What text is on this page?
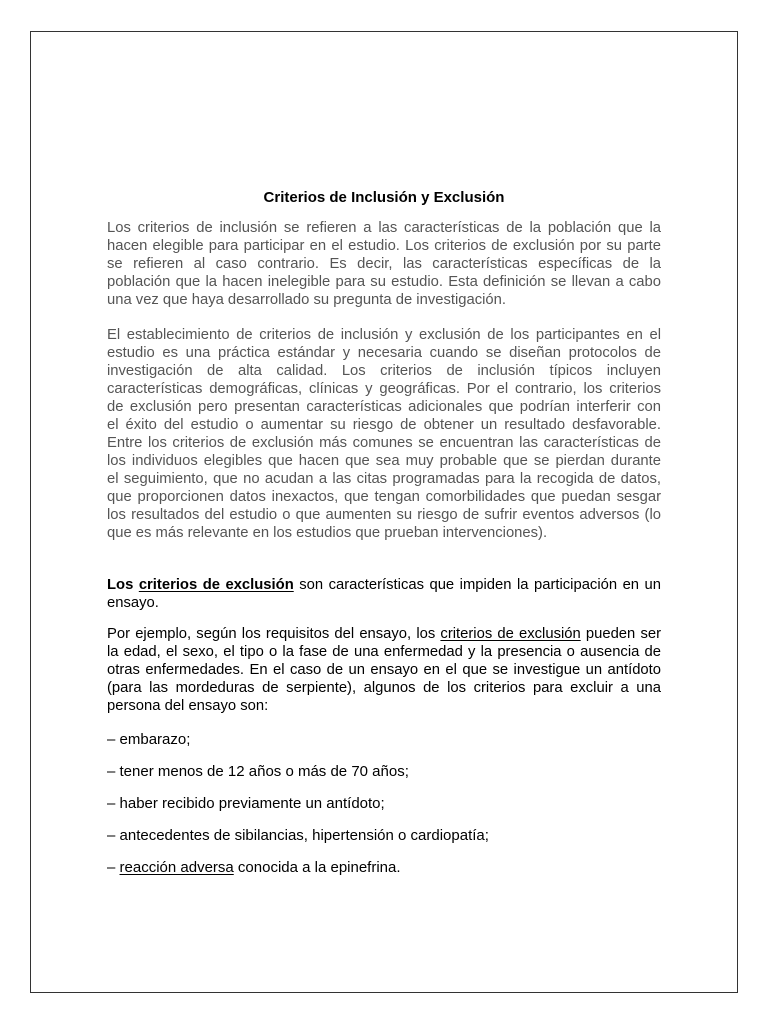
Criterios de Inclusión y Exclusión
Los criterios de inclusión se refieren a las características de la población que la
hacen elegible para participar en el estudio. Los criterios de exclusión por su parte
se refieren al caso contrario. Es decir, las características específicas de la
población que la hacen inelegible para su estudio. Esta definición se llevan a cabo
una vez que haya desarrollado su pregunta de investigación.
El establecimiento de criterios de inclusión y exclusión de los participantes en el
estudio es una práctica estándar y necesaria cuando se diseñan protocolos de
investigación de alta calidad. Los criterios de inclusión típicos incluyen
características demográficas, clínicas y geográficas. Por el contrario, los criterios
de exclusión pero presentan características adicionales que podrían interferir con
el éxito del estudio o aumentar su riesgo de obtener un resultado desfavorable.
Entre los criterios de exclusión más comunes se encuentran las características de
los individuos elegibles que hacen que sea muy probable que se pierdan durante
el seguimiento, que no acudan a las citas programadas para la recogida de datos,
que proporcionen datos inexactos, que tengan comorbilidades que puedan sesgar
los resultados del estudio o que aumenten su riesgo de sufrir eventos adversos (lo
que es más relevante en los estudios que prueban intervenciones).
Los criterios de exclusión son características que impiden la participación en un
ensayo.
Por ejemplo, según los requisitos del ensayo, los criterios de exclusión pueden ser
la edad, el sexo, el tipo o la fase de una enfermedad y la presencia o ausencia de
otras enfermedades. En el caso de un ensayo en el que se investigue un antídoto
(para las mordeduras de serpiente), algunos de los criterios para excluir a una
persona del ensayo son:
– embarazo;
– tener menos de 12 años o más de 70 años;
– haber recibido previamente un antídoto;
– antecedentes de sibilancias, hipertensión o cardiopatía;
– reacción adversa conocida a la epinefrina.
